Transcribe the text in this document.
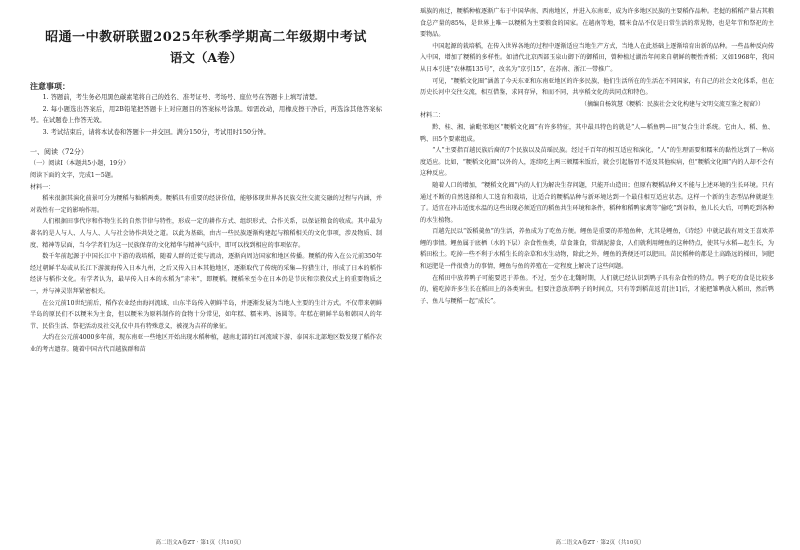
昭通一中教研联盟2025年秋季学期高二年级期中考试
语文（A卷）
注意事项：

1. 答题前，考生务必用黑色碳素笔将自己的姓名、准考证号、考场号、座位号在答题卡上填写清楚。

2. 每小题选出答案后，用2B铅笔把答题卡上对应题目的答案标号涂黑。如需改动，用橡皮擦干净后，再选涂其他答案标号。在试题卷上作答无效。

3. 考试结束后，请将本试卷和答题卡一并交回。满分150分，考试用时150分钟。

一、阅读（72分）

（一）阅读Ⅰ（本题共5小题，19分）

阅读下面的文字，完成1～5题。

材料一：

稻米很据其演化前景可分为粳稻与籼稻两类。粳稻具有重要的经济价值，能够体现世界各民族交往交流交融的过程与内涵，并对栽性有一定的影响作用。

人们根据田事代序和作物生长的自然节律与特性，形成一定的耕作方式、组织形式、合作关系，以保证粮食的收成。其中最为著名的是人与人、人与人、人与社会协作共处之道。以此为基础，由古一些民族逐渐构建起与粮稻相关的文化事项，涉及物质、制度、精神等层面，当今学者们为这一民族保存的文化精华与精神气质中，即可以找到相应的事项依存。

数千年前起源于中国长江中下游的栽培稻，随着人群的迁徙与流动，逐渐向周边国家和地区传播。粳稻的传入在公元前350年经过朝鲜半岛或从长江下游渡海传入日本九州，之后又传入日本其他地区，逐渐取代了传统的采集—狩猎生计，形成了日本的稻作经济与稻作文化。有学者认为，最早传入日本的水稻为“赤米”，即粳稻。粳稻米至今在日本仍是节庆和宗教仪式上的重要物质之一，并与神灵崇拜紧密相关。

在公元前10世纪前后，稻作农业经由海河流域、山东半岛传入朝鲜半岛，并逐渐发展为当地人主要的生计方式。不仅带来朝鲜半岛的原民们不以粳米为主食，但以粳米为原料制作的食物十分常见，如年糕、糯米鸡、汤圆等。年糕在朝鲜半岛和韩国人的年节、民俗生活、祭祀活动及社交礼仪中具有特殊意义，被视为吉祥的象征。

大约在公元前4000多年前，现东南亚一些地区开始出现水稻种植，越南北部的红河流域下游、泰国东北部地区数发现了稻作农业的考古遗存。随着中国古代百越族群和苗

高二语文A卷ZT · 第1页（共10页）

瑶族的南迁，粳稻种植逐渐广布于中国华南、西南地区，并进入东南亚，成为许多地区民族的主要稻作品种。老挝的稻稻产量占其粮食总产量的85%，是世界上唯一以粳稻为主要粮食的国家。在越南等地，糯米食品不仅是日常生活的常见物，也是年节和祭祀的主要物品。

中国起源的栽培稻，在传入世界各地的过程中逐渐适应当地生产方式，当地人在此基础上逐渐培育出新的品种。一些品种反向传入中国，增加了粳稻的多样性。如清代北京西部玉泉山御下的御稻田，曾种植过湖治年间来自朝鲜的粳性香稻；又如1968年，我国从日本引进“农林糯135号”，改名为“京引15”，在苏南、浙江一带推广。

可见，“粳稻文化圈”涵盖了今天东亚和东南亚地区的许多民族，他们生活所在的生活在不同国家，有自己的社会文化体系，但在历史长河中交往交流，相互借鉴，求同存异，和而不同，共享稻文化的共同点和特色。

（摘编自杨筑慧《粳稻：民族社会文化构建与文明交流互鉴之视窗》）

材料二：

黔、桂、湘、渝毗邻地区“粳稻文化圈”有许多特征，其中最具特色的就是“人—稻鱼鸭—田”复合生计系统。它由人、稻、鱼、鸭、田5个要素组成。

“人”主要指百越民族后裔的7个民族以及苗瑶民族。经过千百年的相互适应和演化，“人”的生理需要和糯米的黏性达到了一种高度适应。比如，“粳稻文化圈”以外的人，连续吃上两三顿糯米饭后，就会引起肠胃不适及其他疾病，但“粳稻文化圈”内的人却不会有这种反应。

随着人口的增加，“粳稻文化圈”内的人们为解决生存问题，只能开山造田；但原有粳稻品种又不能与上述环境的生长环境。只有通过不断的自然选择和人工选育和栽培，让适合的粳稻品种与新环境达到一个最佳相互适应状态。这样一个新的生态型品种就诞生了。适宜在冲击适度水温的这些出现必须适宜的稻鱼共生环境和条件，稻种和稻鸭家禽等“偷吃”到谷粒，鱼儿长大后，可鸭吃到各种的水生植物。

百越先民以“饭稻羹鱼”的生活，养鱼成为了吃鱼方便。鲤鱼是重要的养殖鱼种，尤其是鲤鱼，《诗经》中就记载有周文王喜欢养鲤的事情。鲤鱼属于底栖（水的下层）杂食性鱼类，草食兼食，常湖泥游食，人们就利用鲤鱼的这种特点，使其与水稻—起生长，为稻田松土。吃掉一些不利于水稻生长的杂草和水生动物，除此之外，鲤鱼的粪便还可以肥田。苗民稻种的都是土高路远的梯田，饲肥和运肥是一件很费力的事情，鲤鱼与鱼的养殖在一定程度上解决了这些问题。

在稻田中放养鸭子可能要迟于养鱼。不过，至少在北魏时期，人们就已经认识到鸭子具有杂食性的特点。鸭子吃的食是比较多的，能吃掉许多生长在稻田上的各类害虫。但要注意放养鸭子的时间点，只有等到稻苗返青[注1]后，才能把雏鸭放入稻田，然后鸭子、鱼儿与粳稻一起“成长”。

高二语文A卷ZT · 第2页（共10页）
